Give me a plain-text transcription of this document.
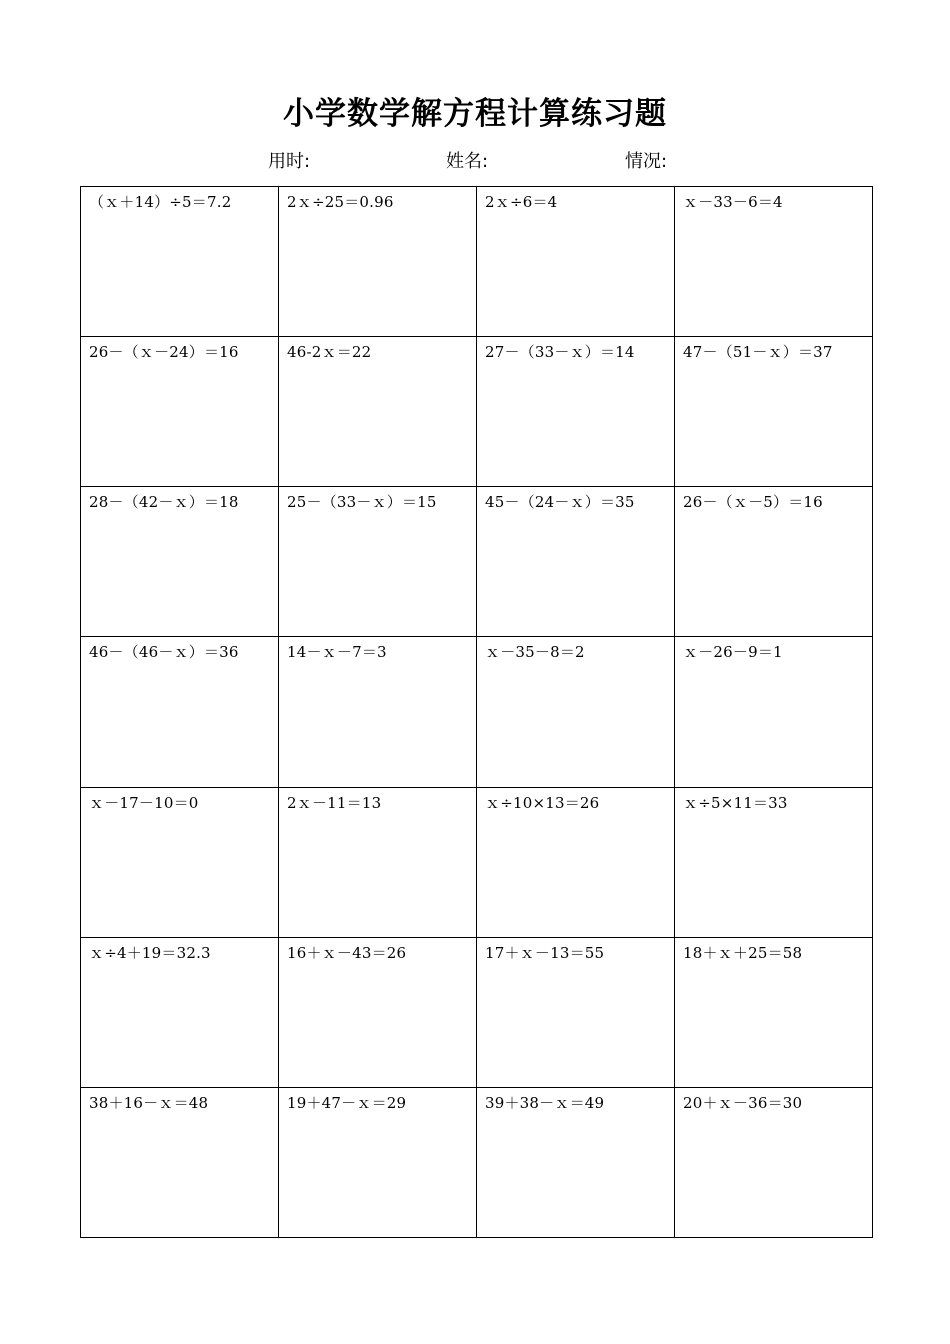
小学数学解方程计算练习题
用时:	姓名:	情况:
（ｘ＋14）÷5＝7.2	2ｘ÷25＝0.96	2ｘ÷6＝4	ｘ－33－6＝4

26－（ｘ－24）＝16	46-2ｘ＝22	27－（33－ｘ）＝14	47－（51－ｘ）＝37

28－（42－ｘ）＝18	25－（33－ｘ）＝15	45－（24－ｘ）＝35	26－（ｘ－5）＝16

46－（46－ｘ）＝36	14－ｘ－7＝3	ｘ－35－8＝2	ｘ－26－9＝1

ｘ－17－10＝0	2ｘ－11＝13	ｘ÷10×13＝26	ｘ÷5×11＝33

ｘ÷4＋19＝32.3	16＋ｘ－43＝26	17＋ｘ－13＝55	18＋ｘ＋25＝58

38＋16－ｘ＝48	19＋47－ｘ＝29	39＋38－ｘ＝49	20＋ｘ－36＝30
